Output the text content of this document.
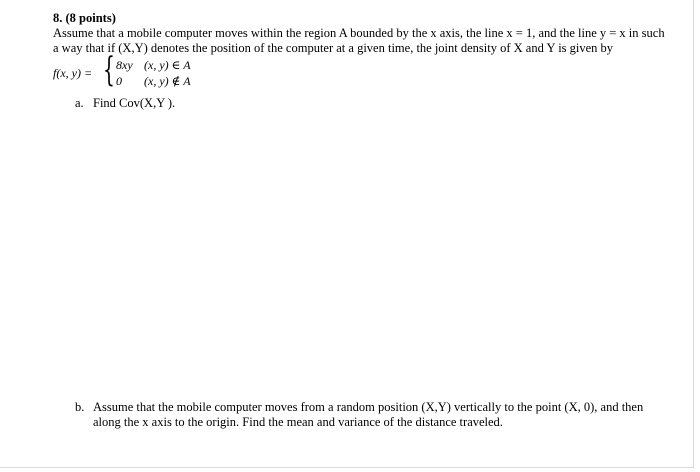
8. (8 points)
Assume that a mobile computer moves within the region A bounded by the x axis, the line x = 1, and the line y = x in such a way that if (X,Y) denotes the position of the computer at a given time, the joint density of X and Y is given by
f(x, y) = { 8xy (x, y) ∈ A
0 (x, y) ∉ A
a. Find Cov(X,Y ).
b. Assume that the mobile computer moves from a random position (X,Y) vertically to the point (X, 0), and then along the x axis to the origin. Find the mean and variance of the distance traveled.
